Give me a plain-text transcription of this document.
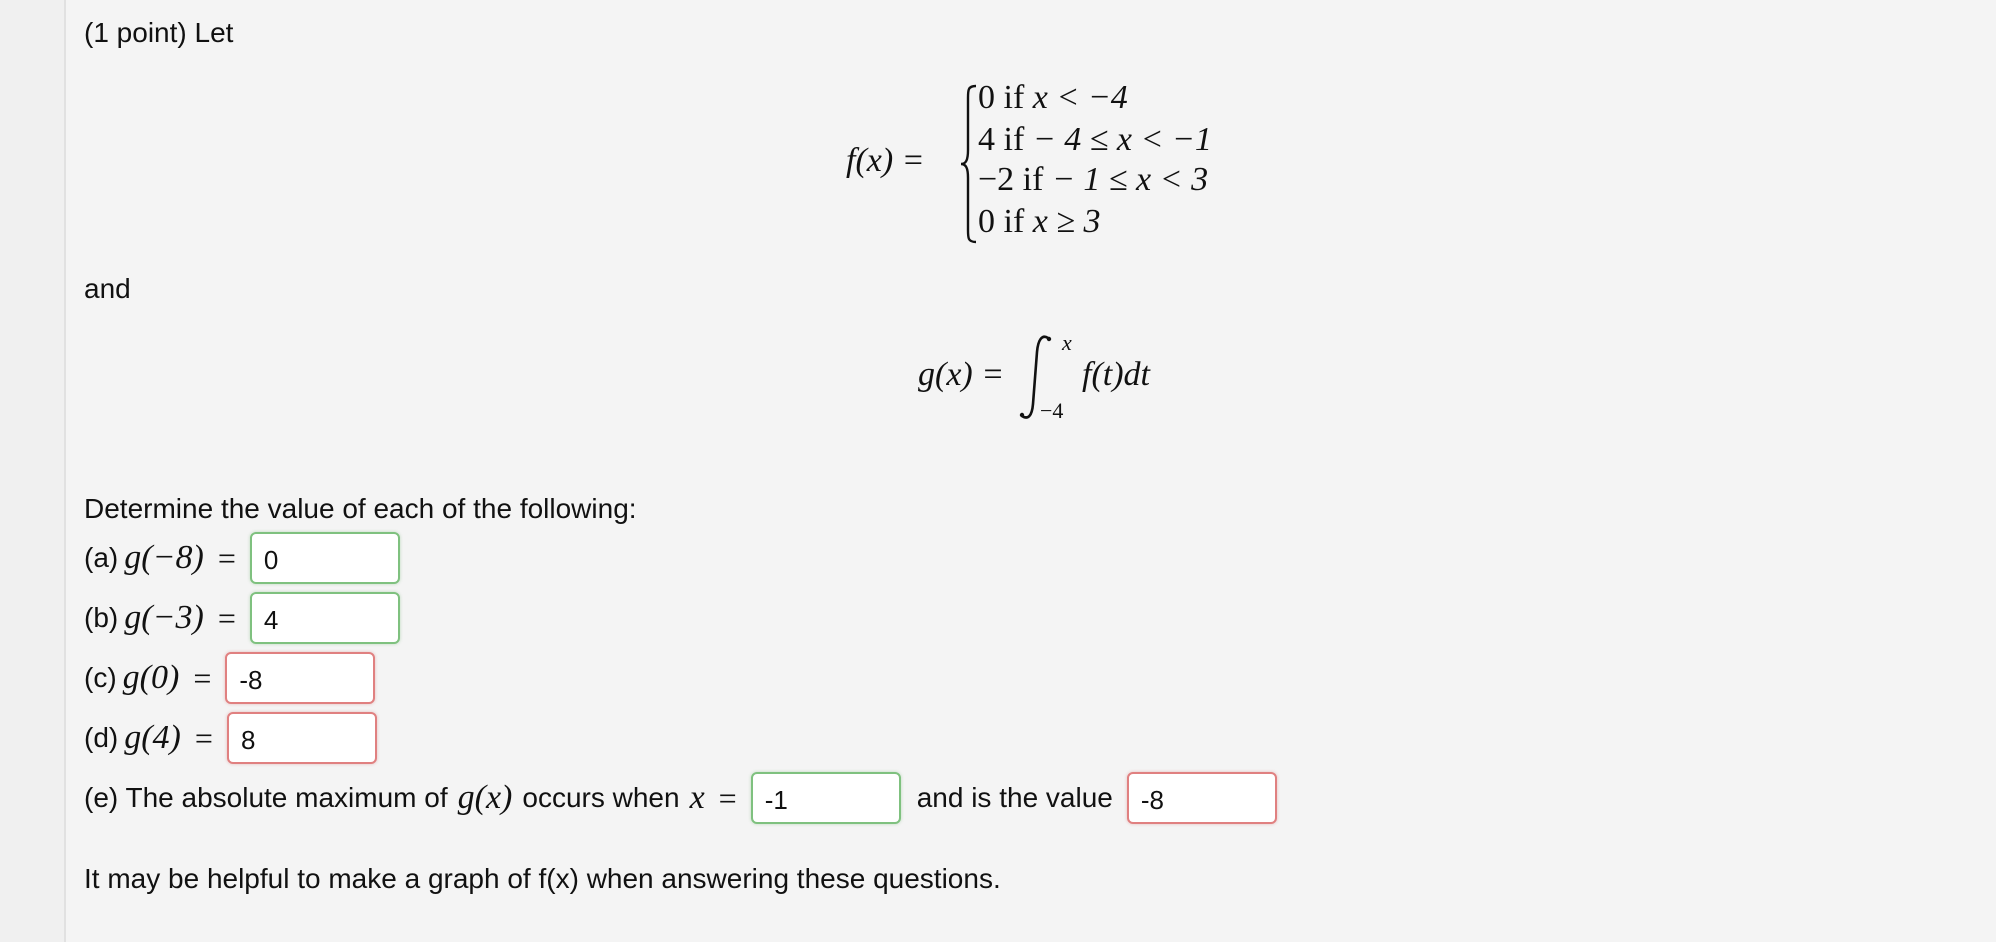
(1 point) Let
f(x) =
0 if x < −4
4 if − 4 ≤ x < −1
−2 if − 1 ≤ x < 3
0 if x ≥ 3
and
g(x) =
x
−4
f(t)dt
Determine the value of each of the following:
(a) g(−8) =	0
(b) g(−3) =	4
(c) g(0) =	-8
(d) g(4) =	8
(e) The absolute maximum of g(x) occurs when x =	-1	and is the value	-8
It may be helpful to make a graph of f(x) when answering these questions.
